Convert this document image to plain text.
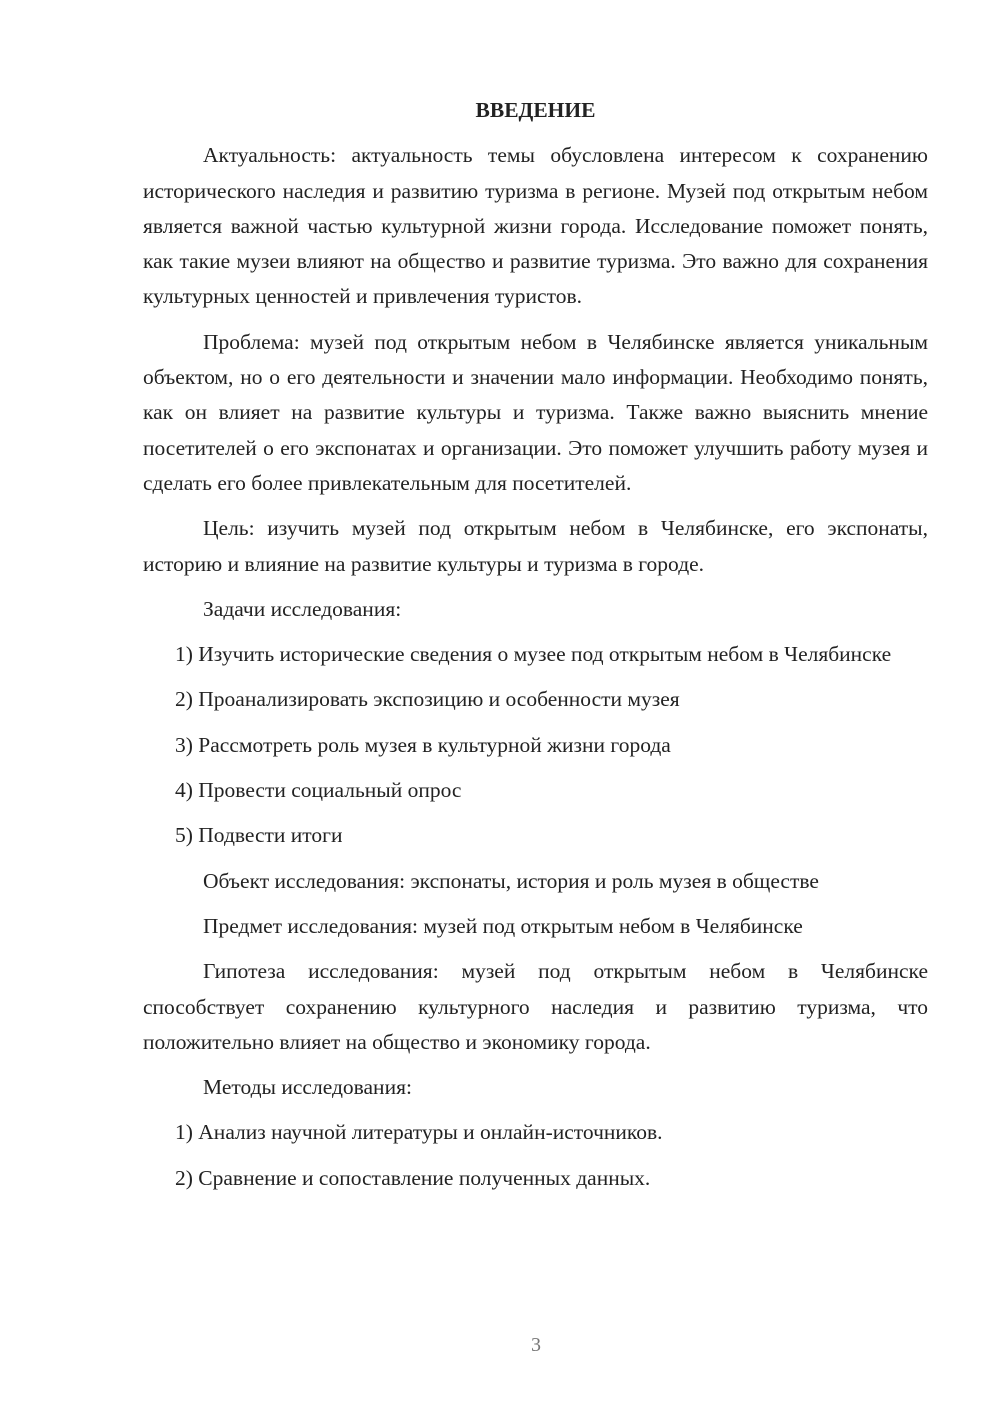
ВВЕДЕНИЕ
Актуальность: актуальность темы обусловлена интересом к сохранению исторического наследия и развитию туризма в регионе. Музей под открытым небом является важной частью культурной жизни города. Исследование поможет понять, как такие музеи влияют на общество и развитие туризма. Это важно для сохранения культурных ценностей и привлечения туристов.
Проблема: музей под открытым небом в Челябинске является уникальным объектом, но о его деятельности и значении мало информации. Необходимо понять, как он влияет на развитие культуры и туризма. Также важно выяснить мнение посетителей о его экспонатах и организации. Это поможет улучшить работу музея и сделать его более привлекательным для посетителей.
Цель: изучить музей под открытым небом в Челябинске, его экспонаты, историю и влияние на развитие культуры и туризма в городе.
Задачи исследования:
1) Изучить исторические сведения о музее под открытым небом в Челябинске
2) Проанализировать экспозицию и особенности музея
3) Рассмотреть роль музея в культурной жизни города
4) Провести социальный опрос
5) Подвести итоги
Объект исследования: экспонаты, история и роль музея в обществе
Предмет исследования: музей под открытым небом в Челябинске
Гипотеза исследования: музей под открытым небом в Челябинске способствует сохранению культурного наследия и развитию туризма, что положительно влияет на общество и экономику города.
Методы исследования:
1) Анализ научной литературы и онлайн-источников.
2) Сравнение и сопоставление полученных данных.
3
